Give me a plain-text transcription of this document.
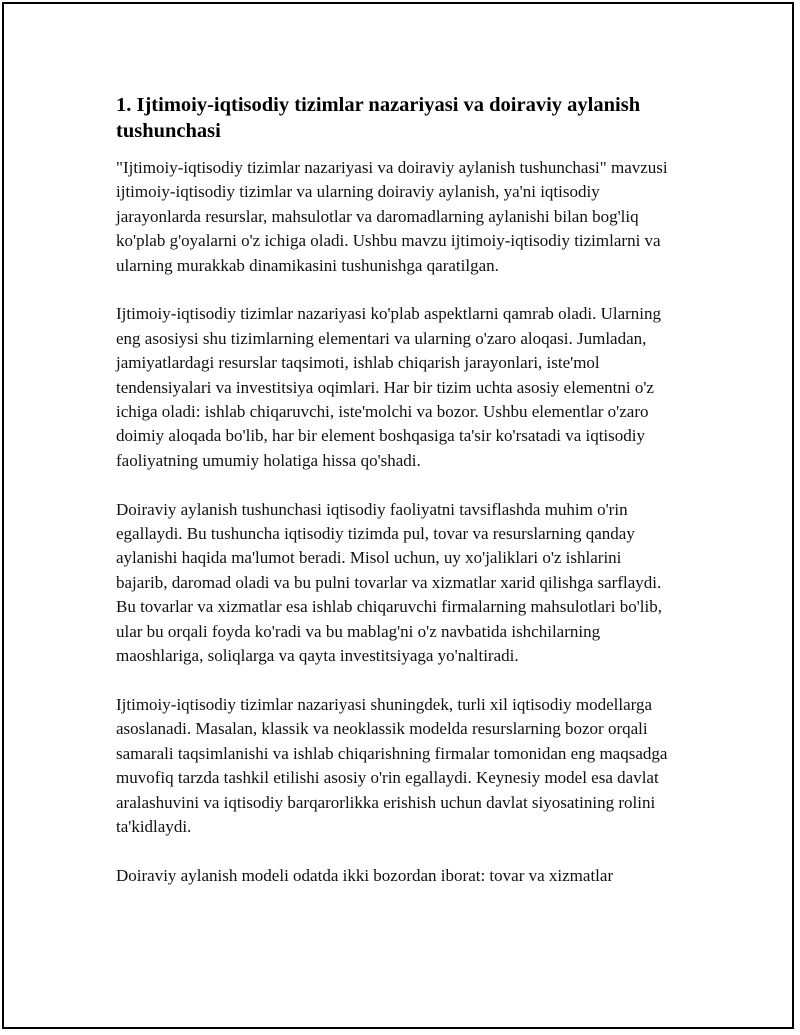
1. Ijtimoiy-iqtisodiy tizimlar nazariyasi va doiraviy aylanish tushunchasi

"Ijtimoiy-iqtisodiy tizimlar nazariyasi va doiraviy aylanish tushunchasi" mavzusi ijtimoiy-iqtisodiy tizimlar va ularning doiraviy aylanish, ya'ni iqtisodiy jarayonlarda resurslar, mahsulotlar va daromadlarning aylanishi bilan bog'liq ko'plab g'oyalarni o'z ichiga oladi. Ushbu mavzu ijtimoiy-iqtisodiy tizimlarni va ularning murakkab dinamikasini tushunishga qaratilgan.

Ijtimoiy-iqtisodiy tizimlar nazariyasi ko'plab aspektlarni qamrab oladi. Ularning eng asosiysi shu tizimlarning elementari va ularning o'zaro aloqasi. Jumladan, jamiyatlardagi resurslar taqsimoti, ishlab chiqarish jarayonlari, iste'mol tendensiyalari va investitsiya oqimlari. Har bir tizim uchta asosiy elementni o'z ichiga oladi: ishlab chiqaruvchi, iste'molchi va bozor. Ushbu elementlar o'zaro doimiy aloqada bo'lib, har bir element boshqasiga ta'sir ko'rsatadi va iqtisodiy faoliyatning umumiy holatiga hissa qo'shadi.

Doiraviy aylanish tushunchasi iqtisodiy faoliyatni tavsiflashda muhim o'rin egallaydi. Bu tushuncha iqtisodiy tizimda pul, tovar va resurslarning qanday aylanishi haqida ma'lumot beradi. Misol uchun, uy xo'jaliklari o'z ishlarini bajarib, daromad oladi va bu pulni tovarlar va xizmatlar xarid qilishga sarflaydi. Bu tovarlar va xizmatlar esa ishlab chiqaruvchi firmalarning mahsulotlari bo'lib, ular bu orqali foyda ko'radi va bu mablag'ni o'z navbatida ishchilarning maoshlariga, soliqlarga va qayta investitsiyaga yo'naltiradi.

Ijtimoiy-iqtisodiy tizimlar nazariyasi shuningdek, turli xil iqtisodiy modellarga asoslanadi. Masalan, klassik va neoklassik modelda resurslarning bozor orqali samarali taqsimlanishi va ishlab chiqarishning firmalar tomonidan eng maqsadga muvofiq tarzda tashkil etilishi asosiy o'rin egallaydi. Keynesiy model esa davlat aralashuvini va iqtisodiy barqarorlikka erishish uchun davlat siyosatining rolini ta'kidlaydi.

Doiraviy aylanish modeli odatda ikki bozordan iborat: tovar va xizmatlar
